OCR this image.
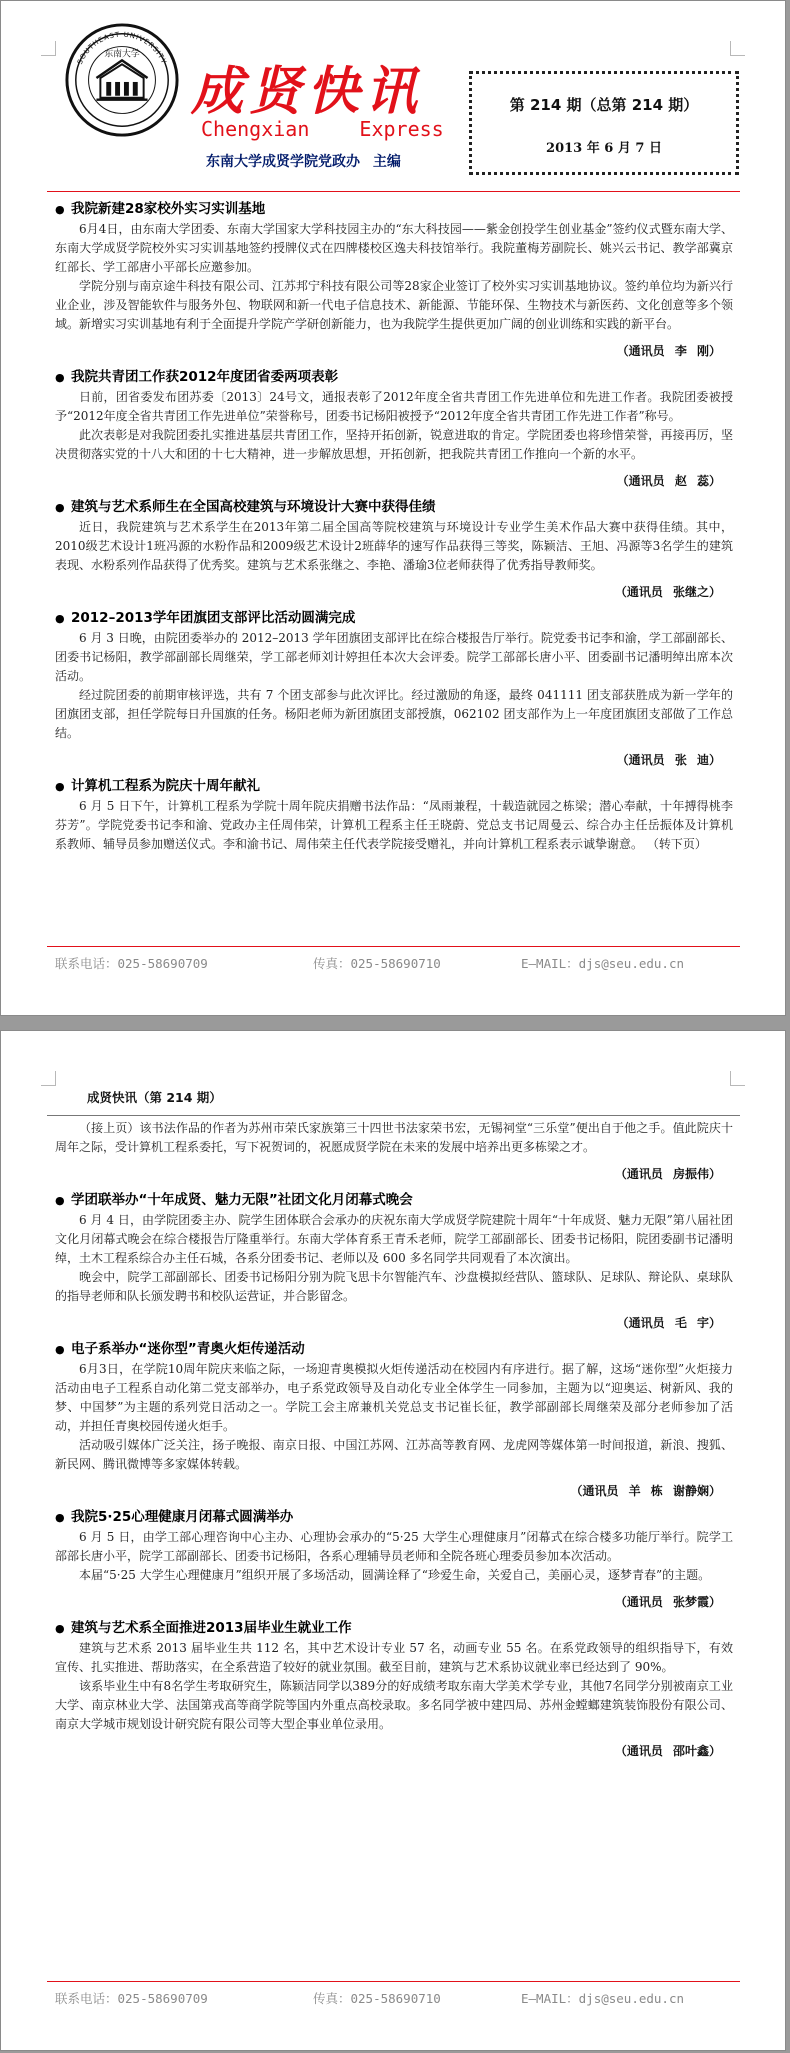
东南大学
SOUTHEAST UNIVERSITY 成贤快讯
Chengxian Express
东南大学成贤学院党政办 主编
第 214 期（总第 214 期）
2013 年 6 月 7 日

● 我院新建28家校外实习实训基地

6月4日，由东南大学团委、东南大学国家大学科技园主办的“东大科技园——紫金创投学生创业基金”签约仪式暨东南大学、东南大学成贤学院校外实习实训基地签约授牌仪式在四牌楼校区逸夫科技馆举行。我院董梅芳副院长、姚兴云书记、教学部冀京红部长、学工部唐小平部长应邀参加。

学院分别与南京途牛科技有限公司、江苏邦宁科技有限公司等28家企业签订了校外实习实训基地协议。签约单位均为新兴行业企业，涉及智能软件与服务外包、物联网和新一代电子信息技术、新能源、节能环保、生物技术与新医药、文化创意等多个领域。新增实习实训基地有利于全面提升学院产学研创新能力，也为我院学生提供更加广阔的创业训练和实践的新平台。

（通讯员 李 刚）

● 我院共青团工作获2012年度团省委两项表彰

日前，团省委发布团苏委〔2013〕24号文，通报表彰了2012年度全省共青团工作先进单位和先进工作者。我院团委被授予“2012年度全省共青团工作先进单位”荣誉称号，团委书记杨阳被授予“2012年度全省共青团工作先进工作者”称号。

此次表彰是对我院团委扎实推进基层共青团工作，坚持开拓创新，锐意进取的肯定。学院团委也将珍惜荣誉，再接再厉，坚决贯彻落实党的十八大和团的十七大精神，进一步解放思想，开拓创新，把我院共青团工作推向一个新的水平。

（通讯员 赵 蕊）

● 建筑与艺术系师生在全国高校建筑与环境设计大赛中获得佳绩

近日，我院建筑与艺术系学生在2013年第二届全国高等院校建筑与环境设计专业学生美术作品大赛中获得佳绩。其中，2010级艺术设计1班冯源的水粉作品和2009级艺术设计2班薛华的速写作品获得三等奖，陈颖洁、王旭、冯源等3名学生的建筑表现、水粉系列作品获得了优秀奖。建筑与艺术系张继之、李艳、潘瑜3位老师获得了优秀指导教师奖。

（通讯员 张继之）

● 2012–2013学年团旗团支部评比活动圆满完成

6 月 3 日晚，由院团委举办的 2012–2013 学年团旗团支部评比在综合楼报告厅举行。院党委书记李和渝，学工部副部长、团委书记杨阳，教学部副部长周继荣，学工部老师刘计婷担任本次大会评委。院学工部部长唐小平、团委副书记潘明绰出席本次活动。

经过院团委的前期审核评选，共有 7 个团支部参与此次评比。经过激励的角逐，最终 041111 团支部获胜成为新一学年的团旗团支部，担任学院每日升国旗的任务。杨阳老师为新团旗团支部授旗，062102 团支部作为上一年度团旗团支部做了工作总结。

（通讯员 张 迪）

● 计算机工程系为院庆十周年献礼

6 月 5 日下午，计算机工程系为学院十周年院庆捐赠书法作品：“凤雨兼程，十载造就园之栋梁；潜心奉献，十年搏得桃李芬芳”。学院党委书记李和渝、党政办主任周伟荣，计算机工程系主任王晓蔚、党总支书记周曼云、综合办主任岳振体及计算机系教师、辅导员参加赠送仪式。李和渝书记、周伟荣主任代表学院接受赠礼，并向计算机工程系表示诚挚谢意。 （转下页）

联系电话：025-58690709	传真：025-58690710	E—MAIL：djs@seu.edu.cn
成贤快讯（第 214 期）

（接上页）该书法作品的作者为苏州市荣氏家族第三十四世书法家荣书宏，无锡祠堂“三乐堂”便出自于他之手。值此院庆十周年之际，受计算机工程系委托，写下祝贺词的，祝愿成贤学院在未来的发展中培养出更多栋梁之才。

（通讯员 房振伟）

● 学团联举办“十年成贤、魅力无限”社团文化月闭幕式晚会

6 月 4 日，由学院团委主办、院学生团体联合会承办的庆祝东南大学成贤学院建院十周年“十年成贤、魅力无限”第八届社团文化月闭幕式晚会在综合楼报告厅隆重举行。东南大学体育系王青禾老师，院学工部副部长、团委书记杨阳，院团委副书记潘明绰，土木工程系综合办主任石城，各系分团委书记、老师以及 600 多名同学共同观看了本次演出。

晚会中，院学工部副部长、团委书记杨阳分别为院飞思卡尔智能汽车、沙盘模拟经营队、篮球队、足球队、辩论队、桌球队的指导老师和队长颁发聘书和校队运营证，并合影留念。

（通讯员 毛 宇）

● 电子系举办“迷你型”青奥火炬传递活动

6月3日，在学院10周年院庆来临之际，一场迎青奥模拟火炬传递活动在校园内有序进行。据了解，这场“迷你型”火炬接力活动由电子工程系自动化第二党支部举办，电子系党政领导及自动化专业全体学生一同参加，主题为以“迎奥运、树新风、我的梦、中国梦”为主题的系列党日活动之一。学院工会主席兼机关党总支书记崔长征，教学部副部长周继荣及部分老师参加了活动，并担任青奥校园传递火炬手。

活动吸引媒体广泛关注，扬子晚报、南京日报、中国江苏网、江苏高等教育网、龙虎网等媒体第一时间报道，新浪、搜狐、新民网、腾讯微博等多家媒体转载。

（通讯员 羊 栋 谢静娴）

● 我院5·25心理健康月闭幕式圆满举办

6 月 5 日，由学工部心理咨询中心主办、心理协会承办的“5·25 大学生心理健康月”闭幕式在综合楼多功能厅举行。院学工部部长唐小平，院学工部副部长、团委书记杨阳，各系心理辅导员老师和全院各班心理委员参加本次活动。

本届“5·25 大学生心理健康月”组织开展了多场活动，圆满诠释了“珍爱生命，关爱自己，美丽心灵，逐梦青春”的主题。

（通讯员 张梦霞）

● 建筑与艺术系全面推进2013届毕业生就业工作

建筑与艺术系 2013 届毕业生共 112 名，其中艺术设计专业 57 名，动画专业 55 名。在系党政领导的组织指导下，有效宣传、扎实推进、帮助落实，在全系营造了较好的就业氛围。截至目前，建筑与艺术系协议就业率已经达到了 90%。

该系毕业生中有8名学生考取研究生，陈颖洁同学以389分的好成绩考取东南大学美术学专业，其他7名同学分别被南京工业大学、南京林业大学、法国第戎高等商学院等国内外重点高校录取。多名同学被中建四局、苏州金螳螂建筑装饰股份有限公司、南京大学城市规划设计研究院有限公司等大型企事业单位录用。

（通讯员 邵叶鑫）

联系电话：025-58690709	传真：025-58690710	E—MAIL：djs@seu.edu.cn
